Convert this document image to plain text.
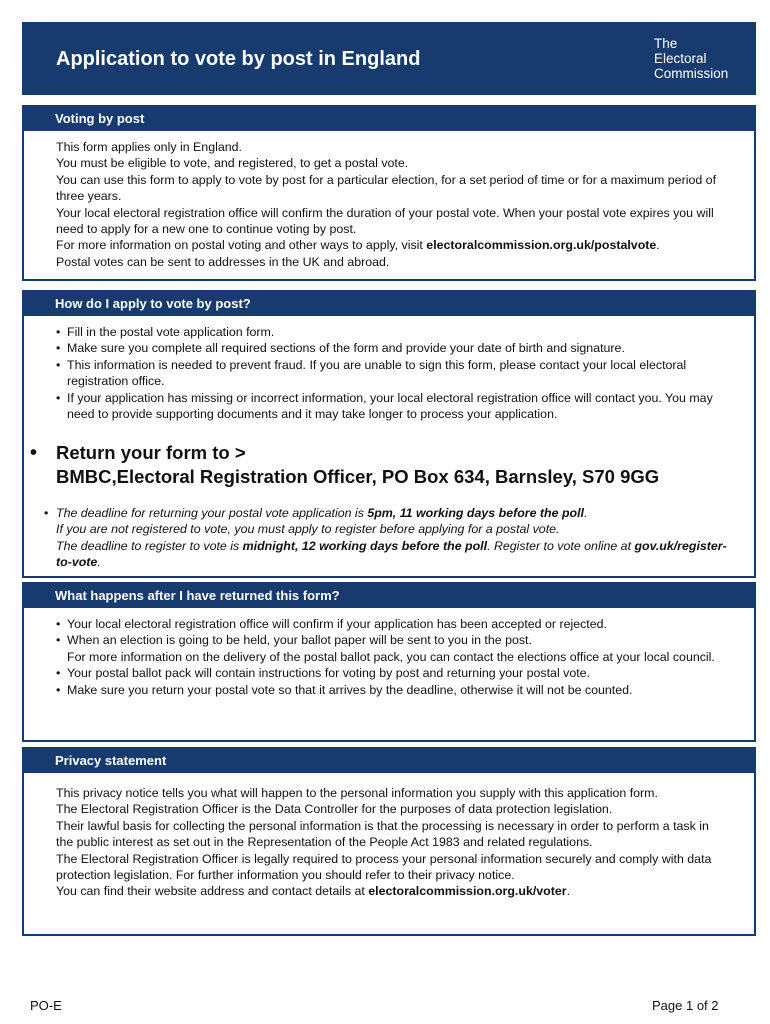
Application to vote by post in England
The
Electoral
Commission
Voting by post

This form applies only in England.

You must be eligible to vote, and registered, to get a postal vote.

You can use this form to apply to vote by post for a particular election, for a set period of time or for a maximum period of three years.

Your local electoral registration office will confirm the duration of your postal vote. When your postal vote expires you will need to apply for a new one to continue voting by post.

For more information on postal voting and other ways to apply, visit electoralcommission.org.uk/postalvote.

Postal votes can be sent to addresses in the UK and abroad.

How do I apply to vote by post?
• Fill in the postal vote application form.
• Make sure you complete all required sections of the form and provide your date of birth and signature.
• This information is needed to prevent fraud. If you are unable to sign this form, please contact your local electoral registration office.
• If your application has missing or incorrect information, your local electoral registration office will contact you. You may need to provide supporting documents and it may take longer to process your application.
• Return your form to >
BMBC,Electoral Registration Officer, PO Box 634, Barnsley, S70 9GG
• The deadline for returning your postal vote application is 5pm, 11 working days before the poll.
If you are not registered to vote, you must apply to register before applying for a postal vote.
The deadline to register to vote is midnight, 12 working days before the poll. Register to vote online at gov.uk/register-to-vote.
What happens after I have returned this form?
• Your local electoral registration office will confirm if your application has been accepted or rejected.
• When an election is going to be held, your ballot paper will be sent to you in the post.
For more information on the delivery of the postal ballot pack, you can contact the elections office at your local council.
• Your postal ballot pack will contain instructions for voting by post and returning your postal vote.
• Make sure you return your postal vote so that it arrives by the deadline, otherwise it will not be counted.
Privacy statement

This privacy notice tells you what will happen to the personal information you supply with this application form.

The Electoral Registration Officer is the Data Controller for the purposes of data protection legislation.

Their lawful basis for collecting the personal information is that the processing is necessary in order to perform a task in the public interest as set out in the Representation of the People Act 1983 and related regulations.

The Electoral Registration Officer is legally required to process your personal information securely and comply with data protection legislation. For further information you should refer to their privacy notice.

You can find their website address and contact details at electoralcommission.org.uk/voter.

PO-E	Page 1 of 2
